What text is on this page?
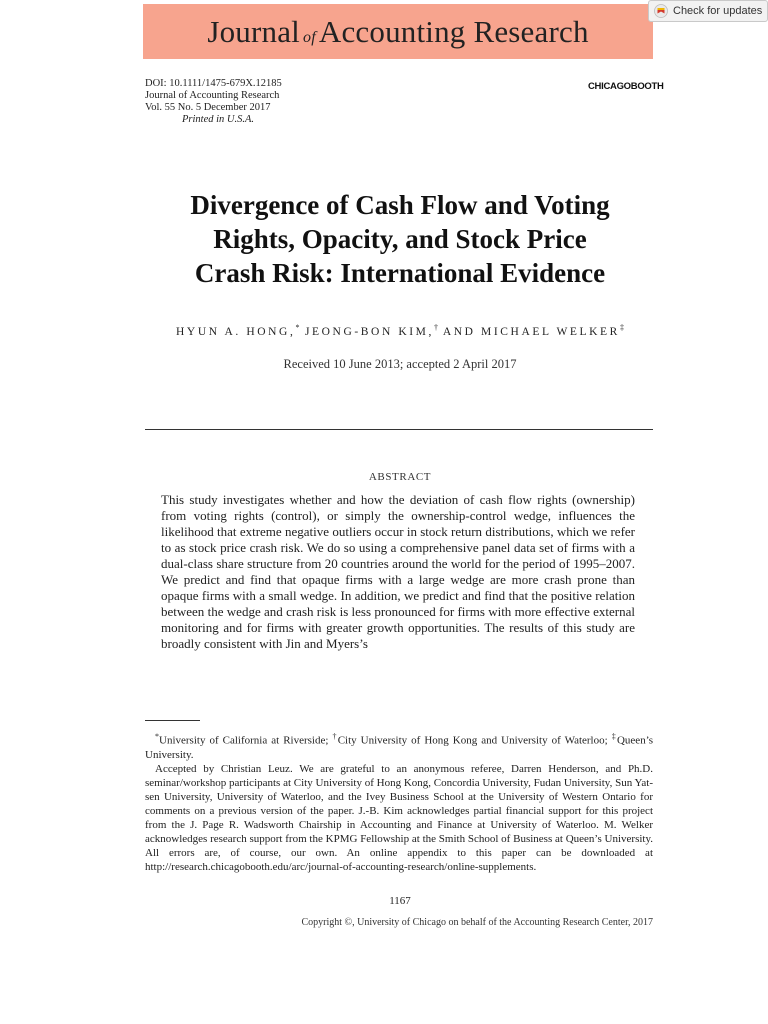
Journal ofAccounting Research
Check for updates
DOI: 10.1111/1475-679X.12185
Journal of Accounting Research
Vol. 55 No. 5 December 2017
Printed in U.S.A.
CHICAGOBOOTH
Divergence of Cash Flow and Voting
Rights, Opacity, and Stock Price
Crash Risk: International Evidence
HYUN A. HONG,* JEONG-BON KIM,† AND MICHAEL WELKER‡
Received 10 June 2013; accepted 2 April 2017
ABSTRACT
This study investigates whether and how the deviation of cash flow rights (ownership) from voting rights (control), or simply the ownership-control wedge, influences the likelihood that extreme negative outliers occur in stock return distributions, which we refer to as stock price crash risk. We do so using a comprehensive panel data set of firms with a dual-class share structure from 20 countries around the world for the period of 1995–2007. We predict and find that opaque firms with a large wedge are more crash prone than opaque firms with a small wedge. In addition, we predict and find that the positive relation between the wedge and crash risk is less pronounced for firms with more effective external monitoring and for firms with greater growth opportunities. The results of this study are broadly consistent with Jin and Myers’s

*University of California at Riverside; †City University of Hong Kong and University of Waterloo; ‡Queen’s University.

Accepted by Christian Leuz. We are grateful to an anonymous referee, Darren Henderson, and Ph.D. seminar/workshop participants at City University of Hong Kong, Concordia University, Fudan University, Sun Yat-sen University, University of Waterloo, and the Ivey Business School at the University of Western Ontario for comments on a previous version of the paper. J.-B. Kim acknowledges partial financial support for this project from the J. Page R. Wadsworth Chairship in Accounting and Finance at University of Waterloo. M. Welker acknowledges research support from the KPMG Fellowship at the Smith School of Business at Queen’s University. All errors are, of course, our own. An online appendix to this paper can be downloaded at http://research.chicagobooth.edu/arc/journal-of-accounting-research/online-supplements.

1167
Copyright ©, University of Chicago on behalf of the Accounting Research Center, 2017
